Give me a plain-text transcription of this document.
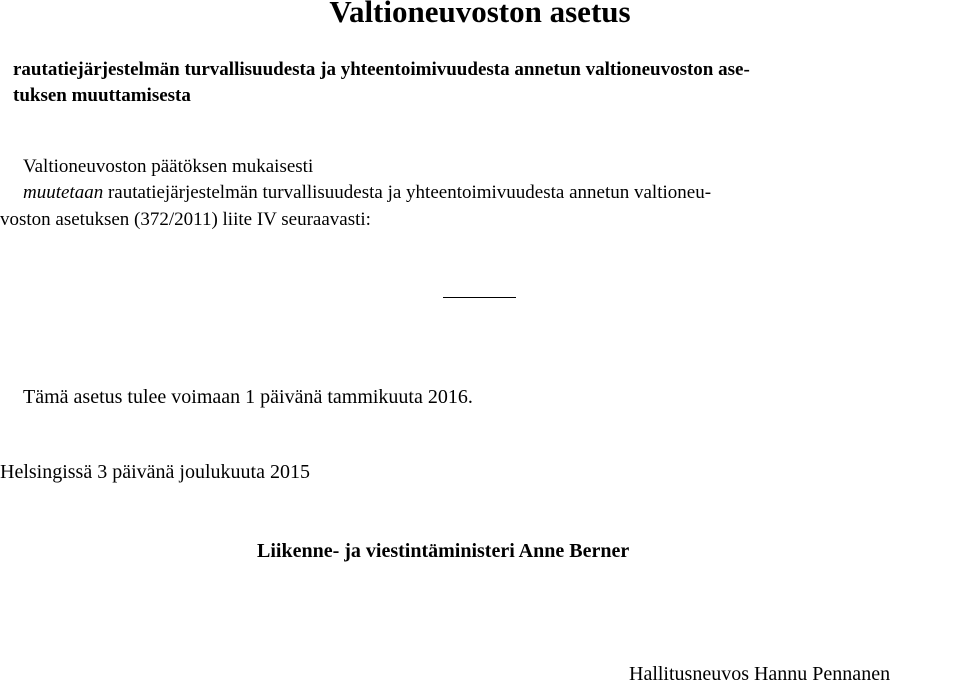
Valtioneuvoston asetus
rautatiejärjestelmän turvallisuudesta ja yhteentoimivuudesta annetun valtioneuvoston ase-
tuksen muuttamisesta
Valtioneuvoston päätöksen mukaisesti
muutetaan rautatiejärjestelmän turvallisuudesta ja yhteentoimivuudesta annetun valtioneu-
voston asetuksen (372/2011) liite IV seuraavasti:
Tämä asetus tulee voimaan 1 päivänä tammikuuta 2016.
Helsingissä 3 päivänä joulukuuta 2015
Liikenne- ja viestintäministeri Anne Berner
Hallitusneuvos Hannu Pennanen
